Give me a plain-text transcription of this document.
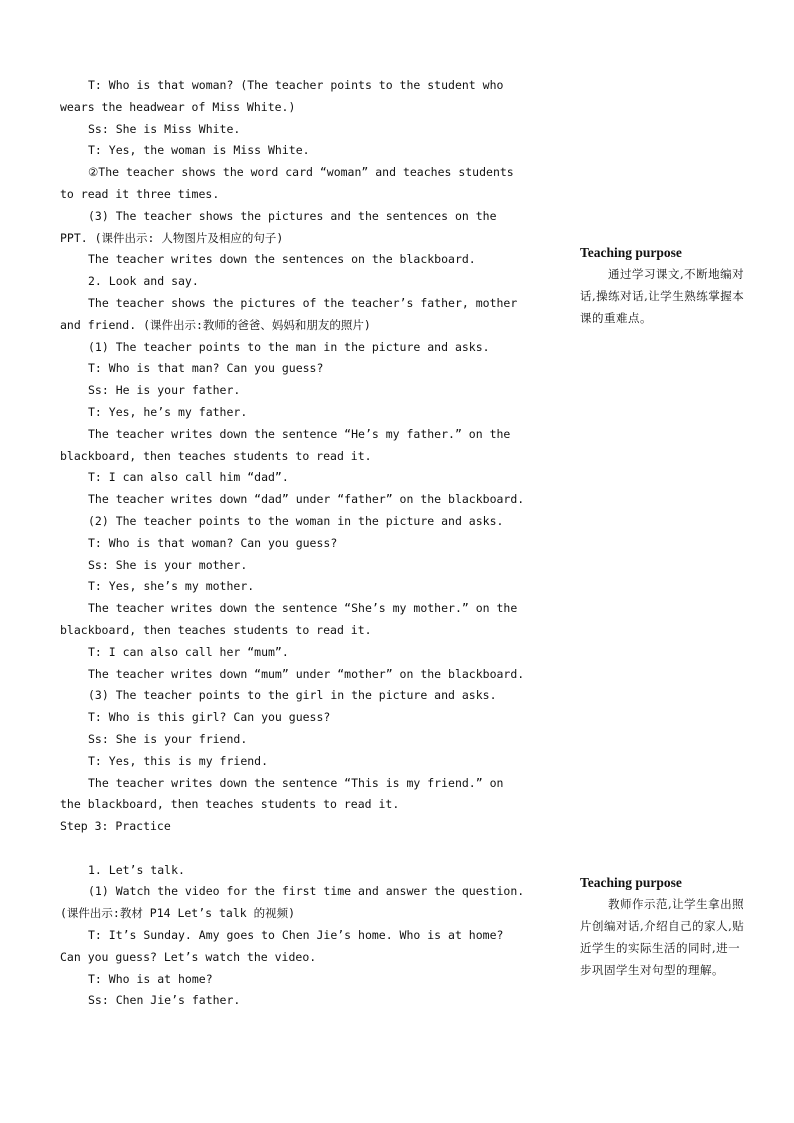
T: Who is that woman? (The teacher points to the student who wears the headwear of Miss White.)

Ss: She is Miss White.

T: Yes, the woman is Miss White.

②The teacher shows the word card “woman” and teaches students to read it three times.

(3) The teacher shows the pictures and the sentences on the PPT. (课件出示: 人物图片及相应的句子)

The teacher writes down the sentences on the blackboard.

2. Look and say.

The teacher shows the pictures of the teacher’s father, mother and friend. (课件出示:教师的爸爸、妈妈和朋友的照片)

(1) The teacher points to the man in the picture and asks.

T: Who is that man? Can you guess?

Ss: He is your father.

T: Yes, he’s my father.

The teacher writes down the sentence “He’s my father.” on the blackboard, then teaches students to read it.

T: I can also call him “dad”.

The teacher writes down “dad” under “father” on the blackboard.

(2) The teacher points to the woman in the picture and asks.

T: Who is that woman? Can you guess?

Ss: She is your mother.

T: Yes, she’s my mother.

The teacher writes down the sentence “She’s my mother.” on the blackboard, then teaches students to read it.

T: I can also call her “mum”.

The teacher writes down “mum” under “mother” on the blackboard.

(3) The teacher points to the girl in the picture and asks.

T: Who is this girl? Can you guess?

Ss: She is your friend.

T: Yes, this is my friend.

The teacher writes down the sentence “This is my friend.” on the blackboard, then teaches students to read it.

Step 3: Practice

1. Let’s talk.

(1) Watch the video for the first time and answer the question. (课件出示:教材 P14 Let’s talk 的视频)

T: It’s Sunday. Amy goes to Chen Jie’s home. Who is at home? Can you guess? Let’s watch the video.

T: Who is at home?

Ss: Chen Jie’s father.

Teaching purpose

通过学习课文,不断地编对话,操练对话,让学生熟练掌握本课的重难点。

Teaching purpose

教师作示范,让学生拿出照片创编对话,介绍自己的家人,贴近学生的实际生活的同时,进一步巩固学生对句型的理解。
